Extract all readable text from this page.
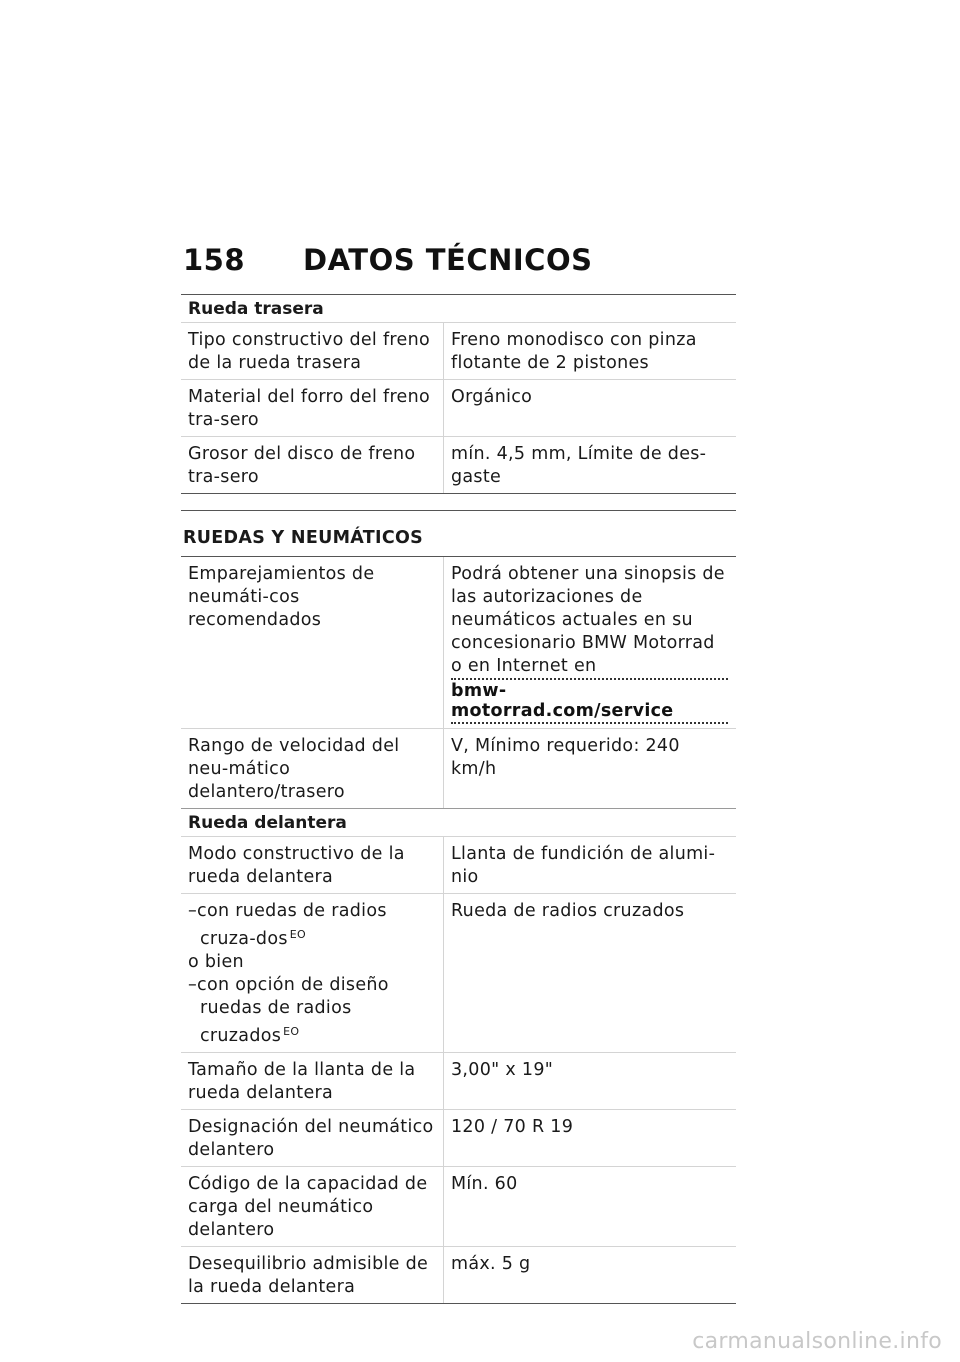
158 DATOS TÉCNICOS
Rueda trasera
Tipo constructivo del freno de la rueda trasera
Freno monodisco con pinza flotante de 2 pistones
Material del forro del freno tra-sero
Orgánico
Grosor del disco de freno tra-sero
mín. 4,5 mm, Límite de des-gaste
RUEDAS Y NEUMÁTICOS
Emparejamientos de neumáti-cos recomendados
Podrá obtener una sinopsis de las autorizaciones de neumáticos actuales en su concesionario BMW Motorrad o en Internet en
bmw-motorrad.com/service
Rango de velocidad del neu-mático delantero/trasero
V, Mínimo requerido: 240 km/h
Rueda delantera
Modo constructivo de la rueda delantera
Llanta de fundición de alumi-nio
–con ruedas de radios cruza-dos $^{EO}$
o bien
–con opción de diseño ruedas de radios cruzados $^{EO}$
Rueda de radios cruzados
Tamaño de la llanta de la rueda delantera
3,00" x 19"
Designación del neumático delantero
120 / 70 R 19
Código de la capacidad de carga del neumático delantero
Mín. 60
Desequilibrio admisible de la rueda delantera
máx. 5 g
carmanualsonline.info
